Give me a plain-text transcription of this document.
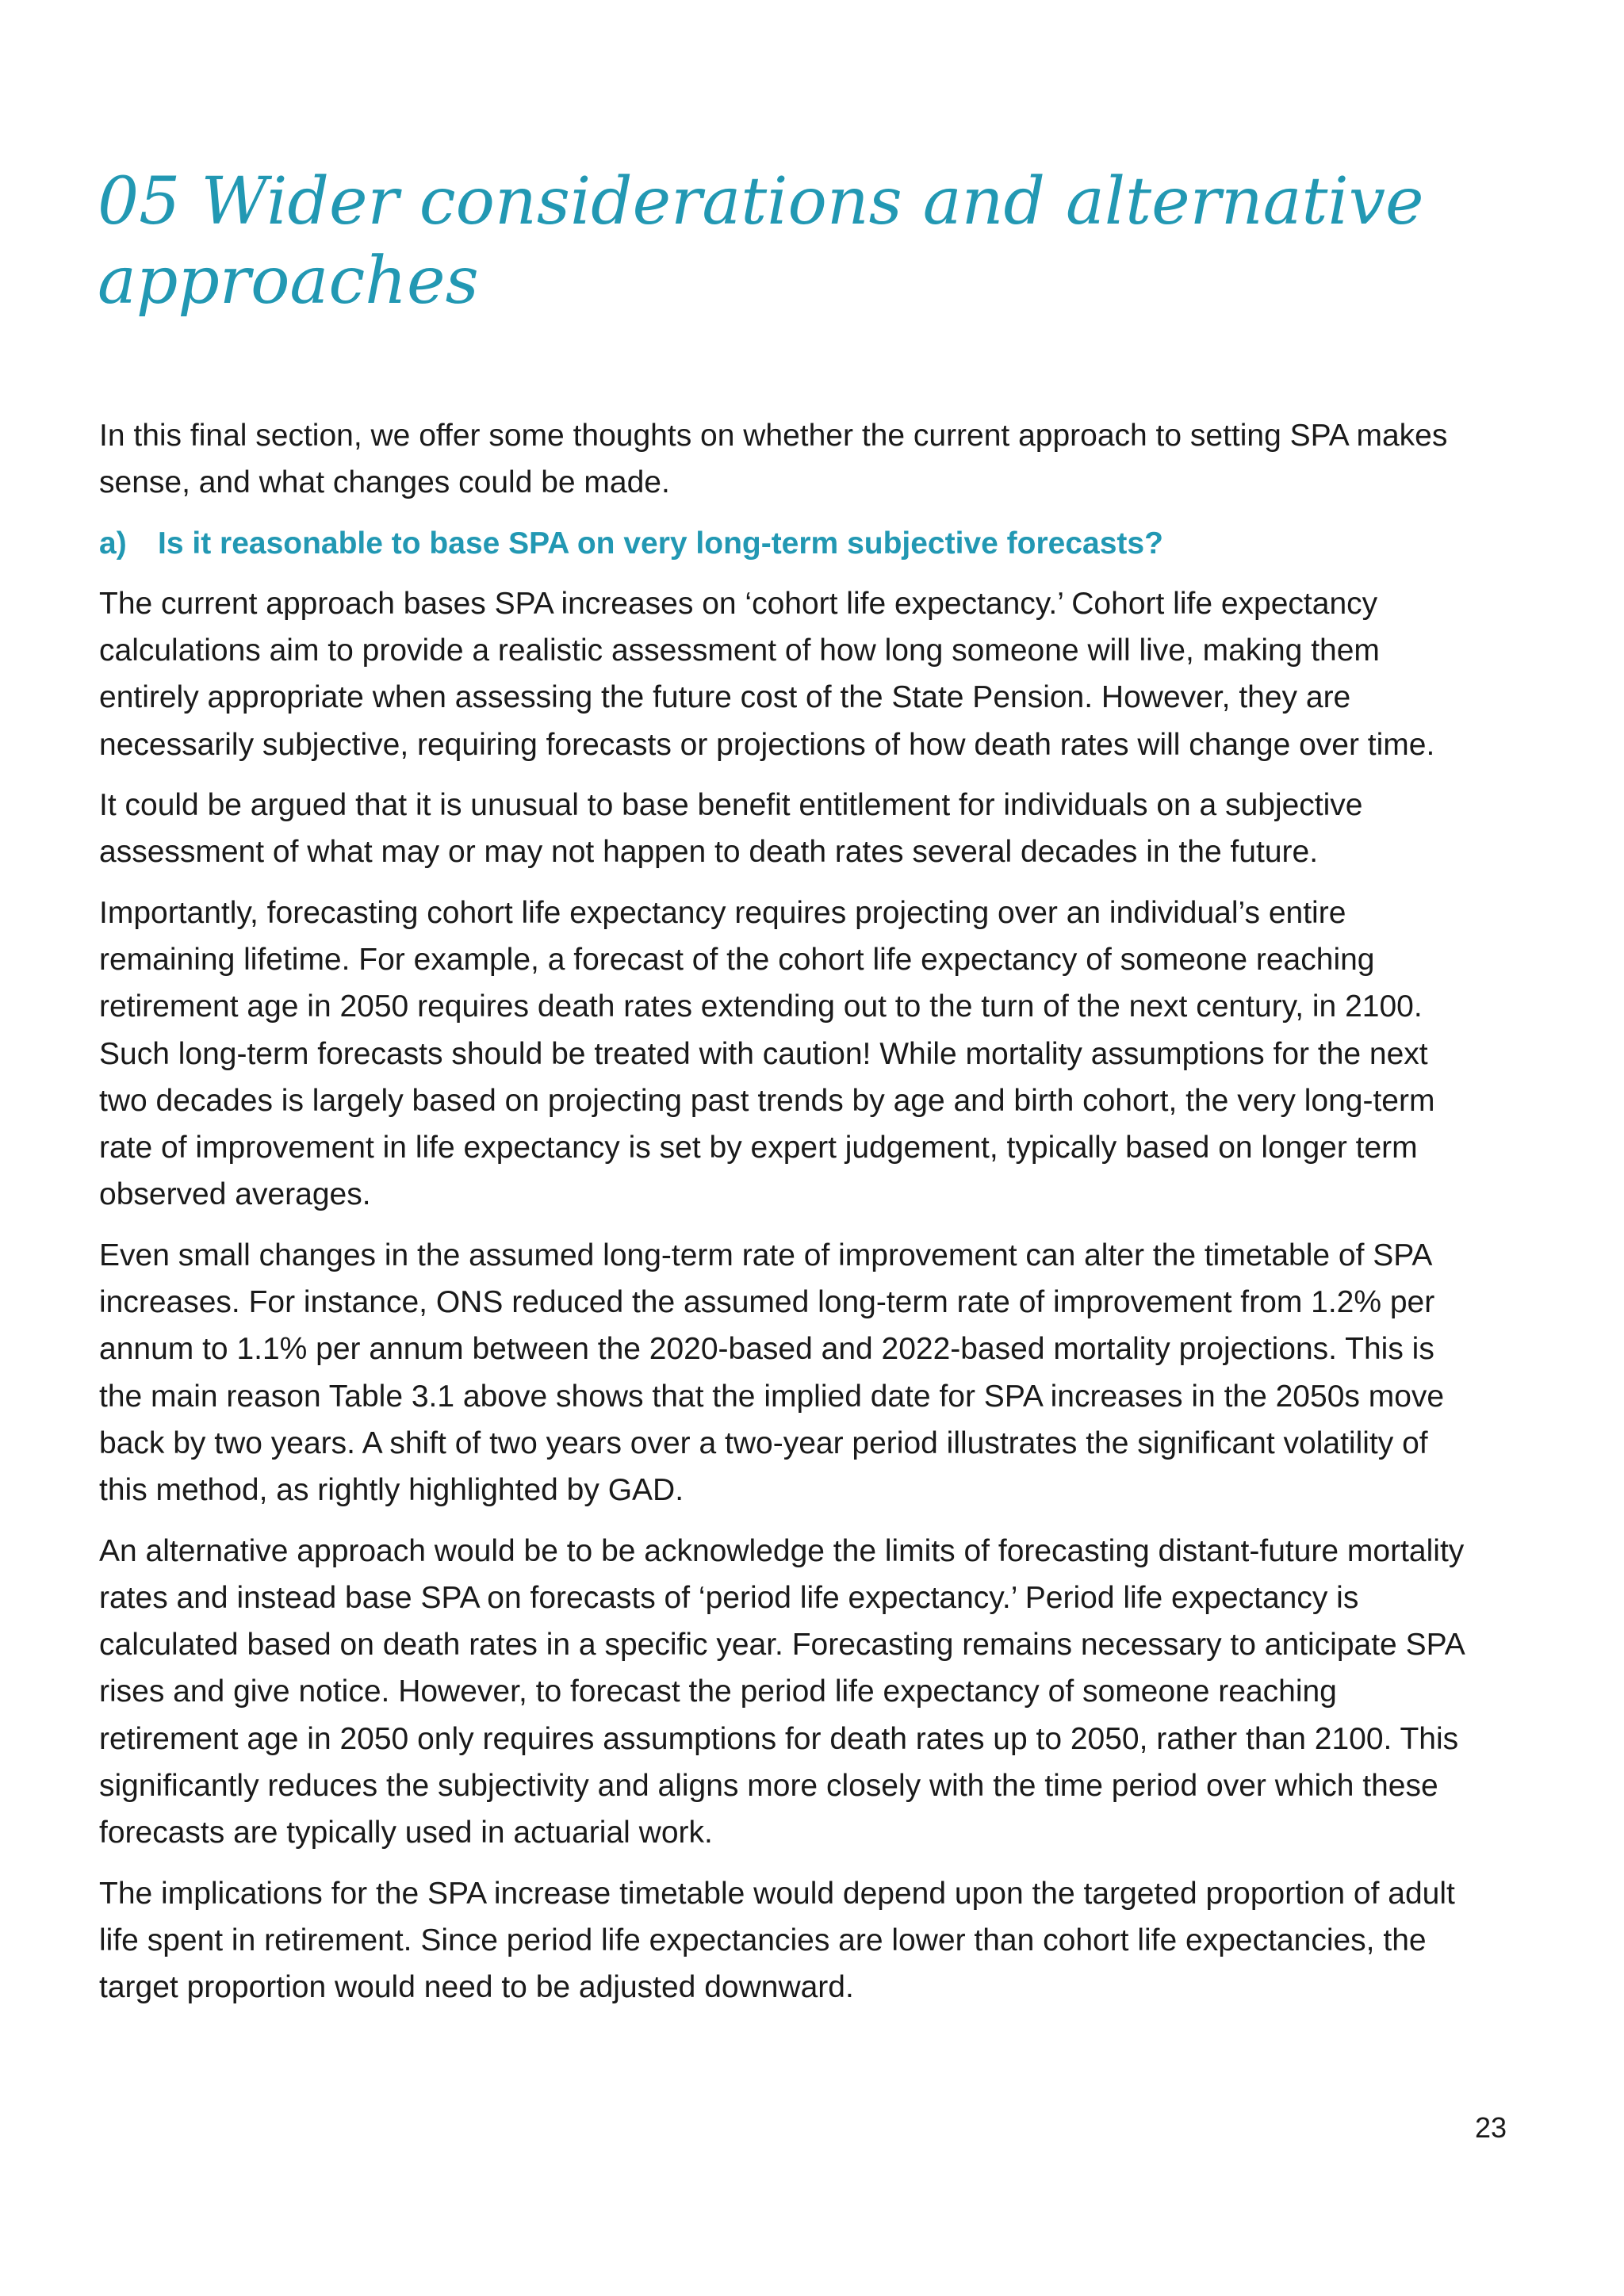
05 Wider considerations and alternative approaches

In this final section, we offer some thoughts on whether the current approach to setting SPA makes sense, and what changes could be made.

a)	Is it reasonable to base SPA on very long-term subjective forecasts?

The current approach bases SPA increases on ‘cohort life expectancy.’ Cohort life expectancy calculations aim to provide a realistic assessment of how long someone will live, making them entirely appropriate when assessing the future cost of the State Pension. However, they are necessarily subjective, requiring forecasts or projections of how death rates will change over time.

It could be argued that it is unusual to base benefit entitlement for individuals on a subjective assessment of what may or may not happen to death rates several decades in the future.

Importantly, forecasting cohort life expectancy requires projecting over an individual’s entire remaining lifetime. For example, a forecast of the cohort life expectancy of someone reaching retirement age in 2050 requires death rates extending out to the turn of the next century, in 2100. Such long-term forecasts should be treated with caution! While mortality assumptions for the next two decades is largely based on projecting past trends by age and birth cohort, the very long-term rate of improvement in life expectancy is set by expert judgement, typically based on longer term observed averages.

Even small changes in the assumed long-term rate of improvement can alter the timetable of SPA increases. For instance, ONS reduced the assumed long-term rate of improvement from 1.2% per annum to 1.1% per annum between the 2020-based and 2022-based mortality projections. This is the main reason Table 3.1 above shows that the implied date for SPA increases in the 2050s move back by two years. A shift of two years over a two-year period illustrates the significant volatility of this method, as rightly highlighted by GAD.

An alternative approach would be to be acknowledge the limits of forecasting distant-future mortality rates and instead base SPA on forecasts of ‘period life expectancy.’ Period life expectancy is calculated based on death rates in a specific year. Forecasting remains necessary to anticipate SPA rises and give notice. However, to forecast the period life expectancy of someone reaching retirement age in 2050 only requires assumptions for death rates up to 2050, rather than 2100. This significantly reduces the subjectivity and aligns more closely with the time period over which these forecasts are typically used in actuarial work.

The implications for the SPA increase timetable would depend upon the targeted proportion of adult life spent in retirement. Since period life expectancies are lower than cohort life expectancies, the target proportion would need to be adjusted downward.

23
